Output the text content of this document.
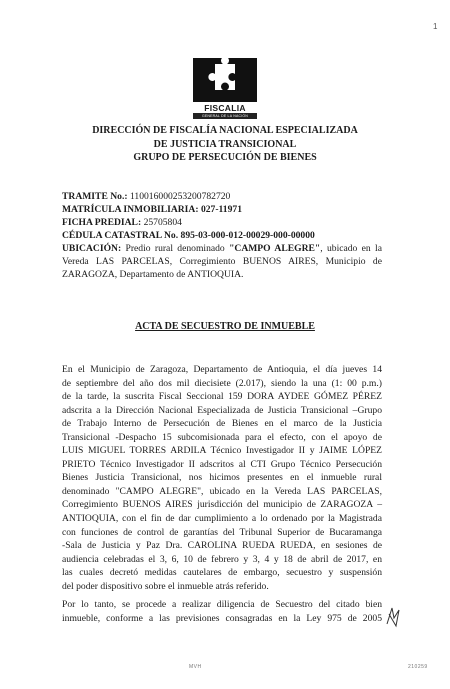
1
FISCALIA
GENERAL DE LA NACIÓN
DIRECCIÓN DE FISCALÍA NACIONAL ESPECIALIZADA
DE JUSTICIA TRANSICIONAL
GRUPO DE PERSECUCIÓN DE BIENES
TRAMITE No.: 110016000253200782720
MATRÍCULA INMOBILIARIA: 027-11971
FICHA PREDIAL: 25705804
CÉDULA CATASTRAL No. 895-03-000-012-00029-000-00000
UBICACIÓN: Predio rural denominado "CAMPO ALEGRE", ubicado en la Vereda LAS PARCELAS, Corregimiento BUENOS AIRES, Municipio de ZARAGOZA, Departamento de ANTIOQUIA.
ACTA DE SECUESTRO DE INMUEBLE
En el Municipio de Zaragoza, Departamento de Antioquia, el día jueves 14
de septiembre del año dos mil diecisiete (2.017), siendo la una (1: 00 p.m.)
de la tarde, la suscrita Fiscal Seccional 159 DORA AYDEE GÓMEZ PÉREZ
adscrita a la Dirección Nacional Especializada de Justicia Transicional –Grupo
de Trabajo Interno de Persecución de Bienes en el marco de la Justicia
Transicional -Despacho 15 subcomisionada para el efecto, con el apoyo de
LUIS MIGUEL TORRES ARDILA Técnico Investigador II y JAIME LÓPEZ
PRIETO Técnico Investigador II adscritos al CTI Grupo Técnico Persecución
Bienes Justicia Transicional, nos hicimos presentes en el inmueble rural
denominado "CAMPO ALEGRE", ubicado en la Vereda LAS PARCELAS,
Corregimiento BUENOS AIRES jurisdicción del municipio de ZARAGOZA –
ANTIOQUIA, con el fin de dar cumplimiento a lo ordenado por la Magistrada
con funciones de control de garantías del Tribunal Superior de Bucaramanga
-Sala de Justicia y Paz Dra. CAROLINA RUEDA RUEDA, en sesiones de
audiencia celebradas el 3, 6, 10 de febrero y 3, 4 y 18 de abril de 2017, en
las cuales decretó medidas cautelares de embargo, secuestro y suspensión
del poder dispositivo sobre el inmueble atrás referido.
Por lo tanto, se procede a realizar diligencia de Secuestro del citado bien
inmueble, conforme a las previsiones consagradas en la Ley 975 de 2005
MVH	210259
